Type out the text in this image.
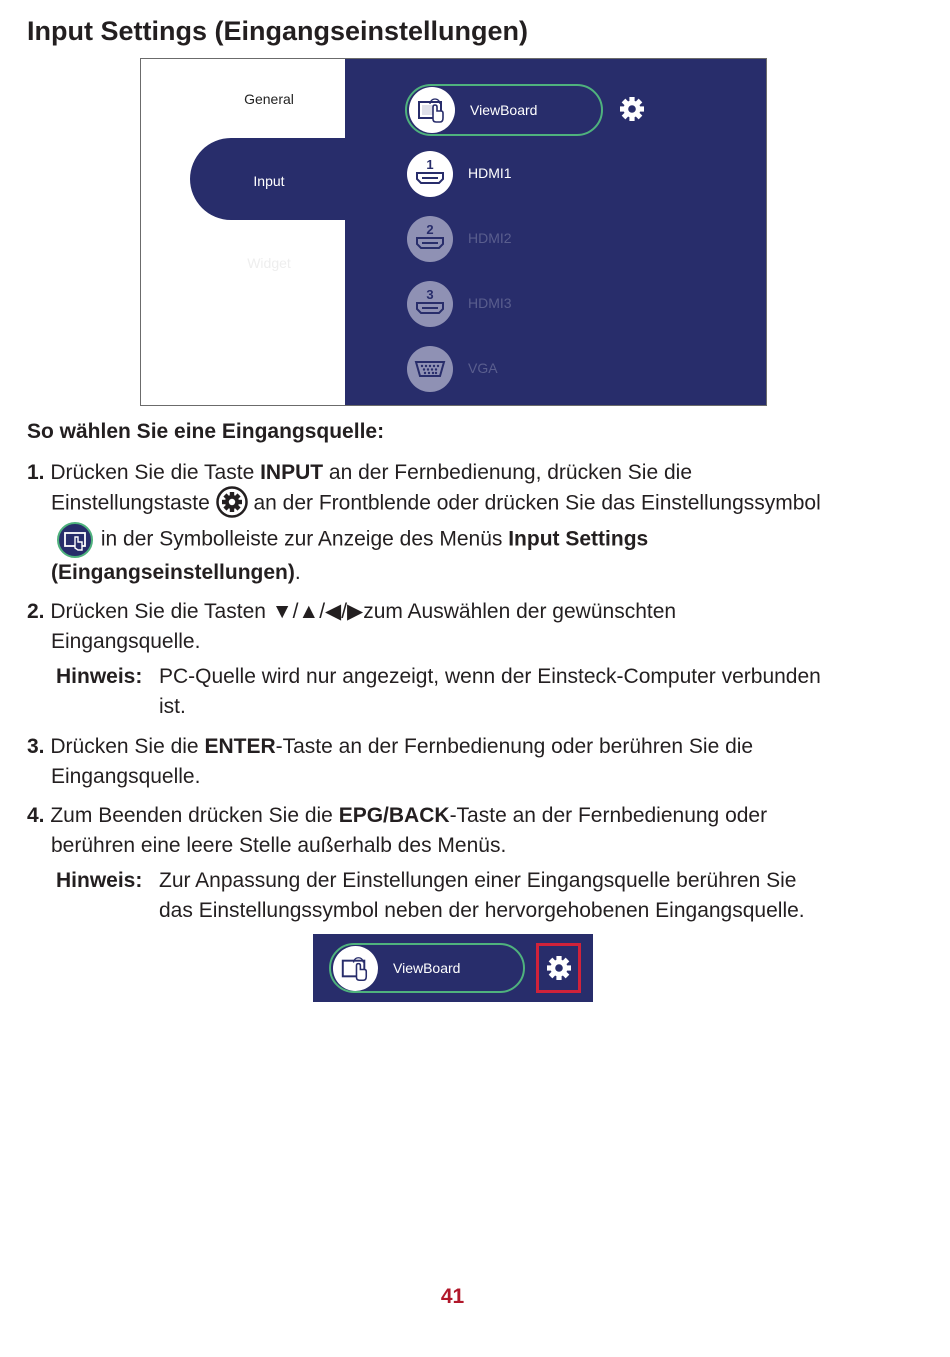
Input Settings (Eingangseinstellungen)
General
Input
Widget
ViewBoard
1
HDMI1
2
HDMI2
3
HDMI3
VGA
So wählen Sie eine Eingangsquelle:
1. Drücken Sie die Taste INPUT an der Fernbedienung, drücken Sie die
Einstellungstaste  an der Frontblende oder drücken Sie das Einstellungssymbol
in der Symbolleiste zur Anzeige des Menüs Input Settings
(Eingangseinstellungen).
2. Drücken Sie die Tasten ▼/▲/◀/▶zum Auswählen der gewünschten
Eingangsquelle.
Hinweis: PC-Quelle wird nur angezeigt, wenn der Einsteck-Computer verbunden
ist.
3. Drücken Sie die ENTER-Taste an der Fernbedienung oder berühren Sie die
Eingangsquelle.
4. Zum Beenden drücken Sie die EPG/BACK-Taste an der Fernbedienung oder
berühren eine leere Stelle außerhalb des Menüs.
Hinweis: Zur Anpassung der Einstellungen einer Eingangsquelle berühren Sie
das Einstellungssymbol neben der hervorgehobenen Eingangsquelle.
ViewBoard
41
